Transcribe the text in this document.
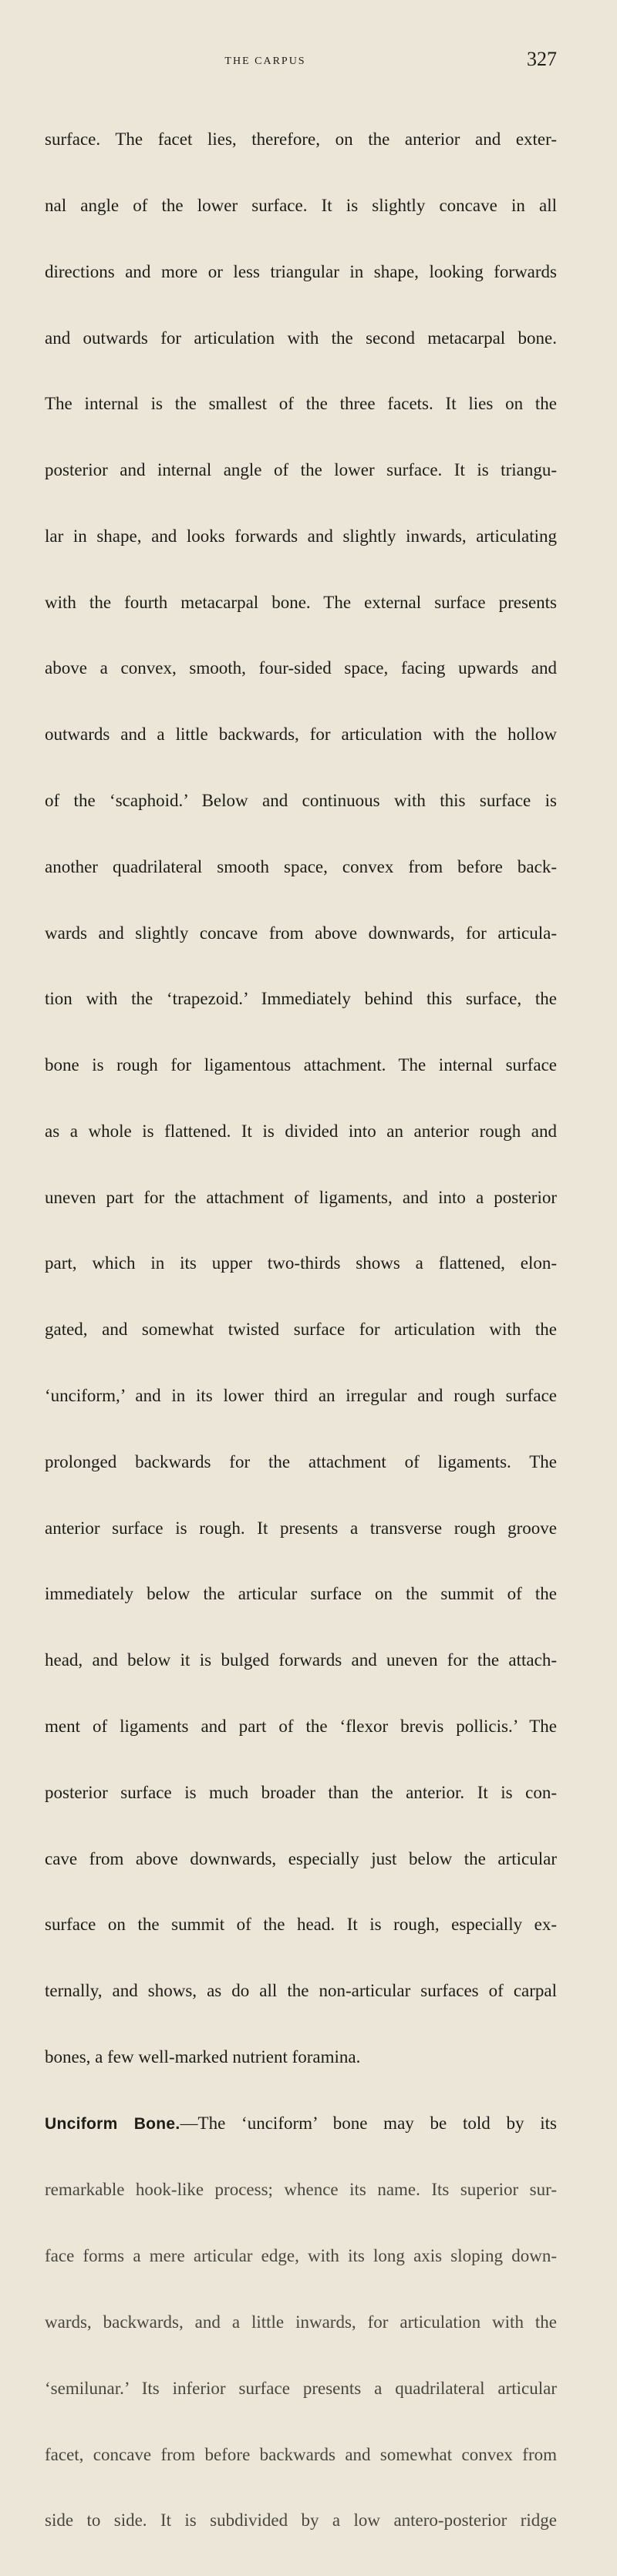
THE CARPUS	327

surface. The facet lies, therefore, on the anterior and exter-

nal angle of the lower surface. It is slightly concave in all

directions and more or less triangular in shape, looking forwards

and outwards for articulation with the second metacarpal bone.

The internal is the smallest of the three facets. It lies on the

posterior and internal angle of the lower surface. It is triangu-

lar in shape, and looks forwards and slightly inwards, articulating

with the fourth metacarpal bone. The external surface presents

above a convex, smooth, four-sided space, facing upwards and

outwards and a little backwards, for articulation with the hollow

of the ‘scaphoid.’ Below and continuous with this surface is

another quadrilateral smooth space, convex from before back-

wards and slightly concave from above downwards, for articula-

tion with the ‘trapezoid.’ Immediately behind this surface, the

bone is rough for ligamentous attachment. The internal surface

as a whole is flattened. It is divided into an anterior rough and

uneven part for the attachment of ligaments, and into a posterior

part, which in its upper two-thirds shows a flattened, elon-

gated, and somewhat twisted surface for articulation with the

‘unciform,’ and in its lower third an irregular and rough surface

prolonged backwards for the attachment of ligaments. The

anterior surface is rough. It presents a transverse rough groove

immediately below the articular surface on the summit of the

head, and below it is bulged forwards and uneven for the attach-

ment of ligaments and part of the ‘flexor brevis pollicis.’ The

posterior surface is much broader than the anterior. It is con-

cave from above downwards, especially just below the articular

surface on the summit of the head. It is rough, especially ex-

ternally, and shows, as do all the non-articular surfaces of carpal

bones, a few well-marked nutrient foramina.

Unciform Bone.—The ‘unciform’ bone may be told by its

remarkable hook-like process; whence its name. Its superior sur-

face forms a mere articular edge, with its long axis sloping down-

wards, backwards, and a little inwards, for articulation with the

‘semilunar.’ Its inferior surface presents a quadrilateral articular

facet, concave from before backwards and somewhat convex from

side to side. It is subdivided by a low antero-posterior ridge
